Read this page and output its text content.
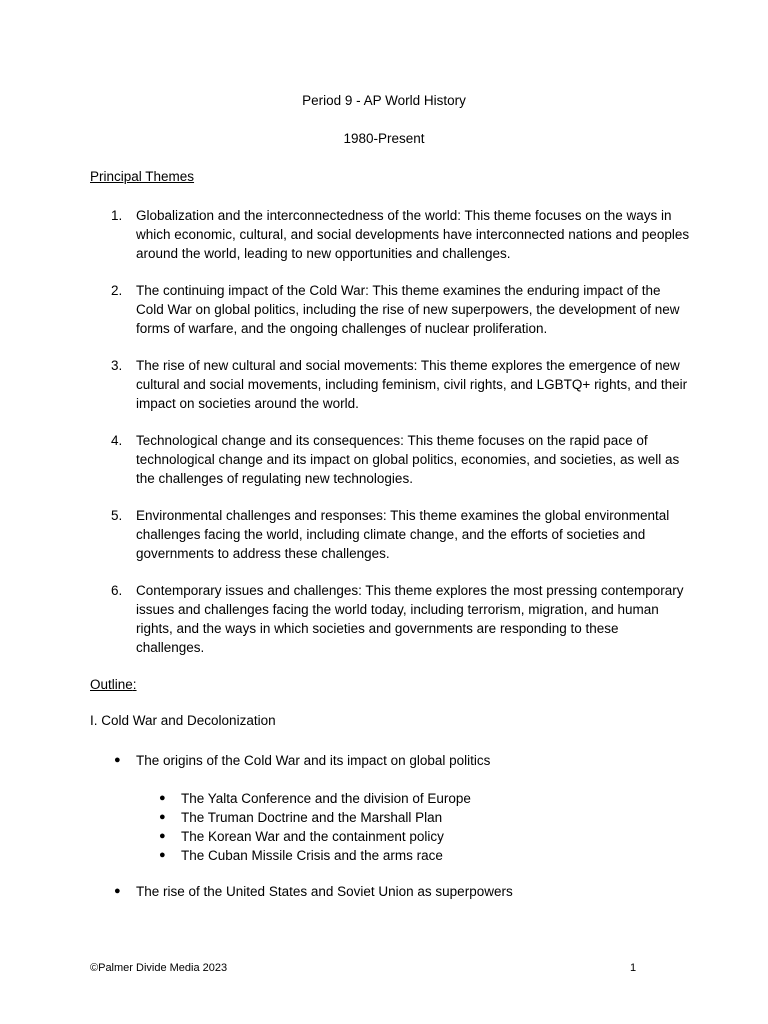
Period 9 - AP World History
1980-Present
Principal Themes
1. Globalization and the interconnectedness of the world: This theme focuses on the ways in which economic, cultural, and social developments have interconnected nations and peoples around the world, leading to new opportunities and challenges.
2. The continuing impact of the Cold War: This theme examines the enduring impact of the Cold War on global politics, including the rise of new superpowers, the development of new forms of warfare, and the ongoing challenges of nuclear proliferation.
3. The rise of new cultural and social movements: This theme explores the emergence of new cultural and social movements, including feminism, civil rights, and LGBTQ+ rights, and their impact on societies around the world.
4. Technological change and its consequences: This theme focuses on the rapid pace of technological change and its impact on global politics, economies, and societies, as well as the challenges of regulating new technologies.
5. Environmental challenges and responses: This theme examines the global environmental challenges facing the world, including climate change, and the efforts of societies and governments to address these challenges.
6. Contemporary issues and challenges: This theme explores the most pressing contemporary issues and challenges facing the world today, including terrorism, migration, and human rights, and the ways in which societies and governments are responding to these challenges.
Outline:
I. Cold War and Decolonization
● The origins of the Cold War and its impact on global politics
● The Yalta Conference and the division of Europe
● The Truman Doctrine and the Marshall Plan
● The Korean War and the containment policy
● The Cuban Missile Crisis and the arms race
● The rise of the United States and Soviet Union as superpowers
©Palmer Divide Media 2023	1
